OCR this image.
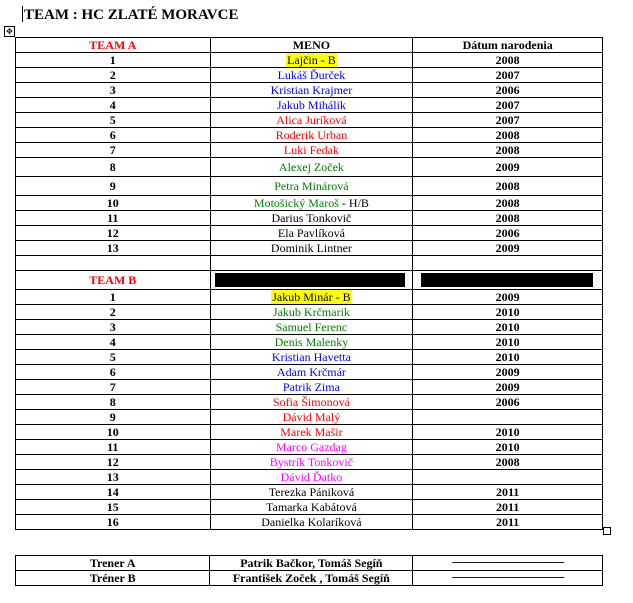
TEAM : HC ZLATÉ MORAVCE
✥
TEAM A	MENO	Dátum narodenia
1	Lajčin - B	2008
2	Lukáš Ďurček	2007
3	Kristian Krajmer	2006
4	Jakub Mihálik	2007
5	Alica Juríková	2007
6	Roderik Urban	2008
7	Luki Fedak	2008
8	Alexej Zoček	2009
9	Petra Minárová	2008
10	Motošický Maroš - H/B	2008
11	Darius Tonkovič	2008
12	Ela Pavlíková	2006
13	Dominik Lintner	2009

TEAM B	

1	Jakub Minár - B	2009
2	Jakub Krčmarik	2010
3	Samuel Ferenc	2010
4	Denis Malenky	2010
5	Kristian Havetta	2010
6	Adam Krčmár	2009
7	Patrik Zima	2009
8	Sofia Šimonová	2006
9	Dávid Malý	
10	Marek Mašir	2010
11	Marco Gazdag	2010
12	Bystrík Tonkovič	2008
13	Dávid Ďatko	
14	Terezka Pániková	2011
15	Tamarka Kabátová	2011
16	Danielka Kolaríková	2011
Trener A	Patrik Bačkor, Tomáš Segíň	------------------------------------------------
Tréner B	František Zoček , Tomáš Segíň	------------------------------------------------
